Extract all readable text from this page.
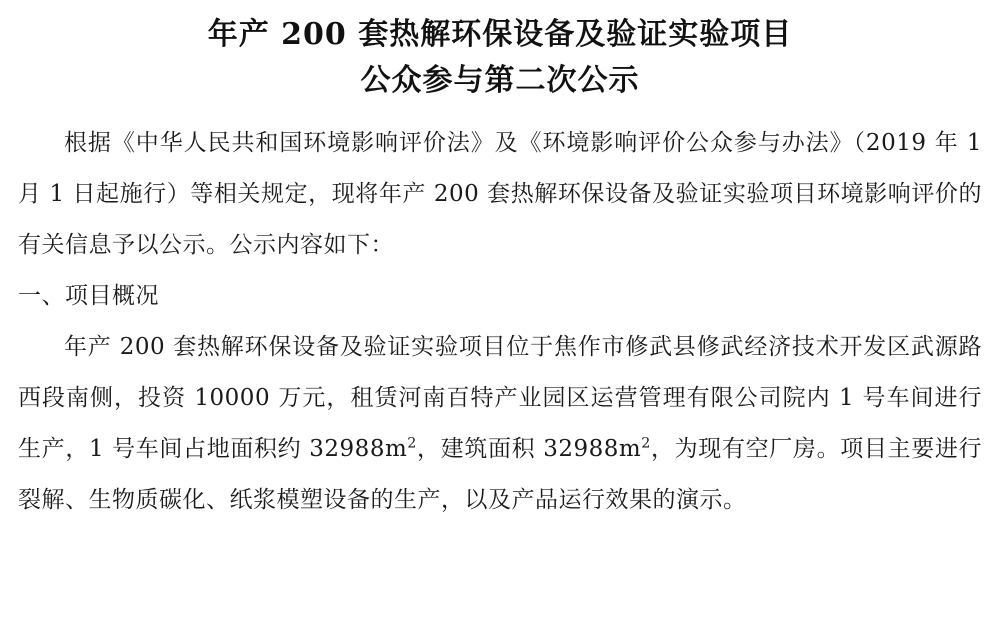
年产 200 套热解环保设备及验证实验项目
公众参与第二次公示

根据《中华人民共和国环境影响评价法》及《环境影响评价公众参与办法》（2019 年 1 月 1 日起施行）等相关规定，现将年产 200 套热解环保设备及验证实验项目环境影响评价的有关信息予以公示。公示内容如下：

一、项目概况

年产 200 套热解环保设备及验证实验项目位于焦作市修武县修武经济技术开发区武源路西段南侧，投资 10000 万元，租赁河南百特产业园区运营管理有限公司院内 1 号车间进行生产，1 号车间占地面积约 $32988m^2$，建筑面积 $32988m^2$，为现有空厂房。项目主要进行裂解、生物质碳化、纸浆模塑设备的生产，以及产品运行效果的演示。
